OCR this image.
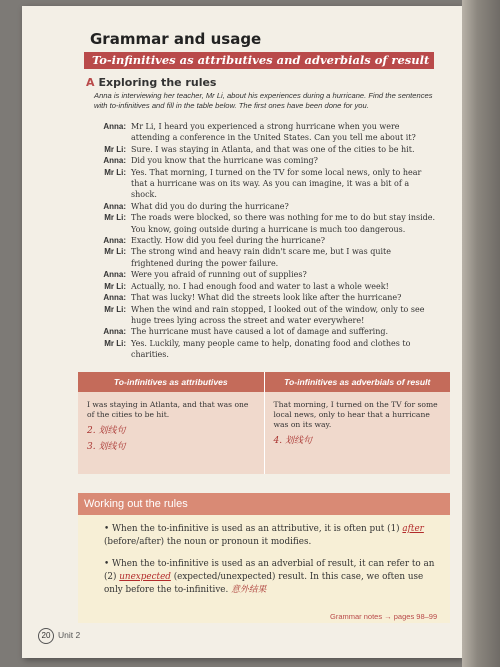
Grammar and usage
To-infinitives as attributives and adverbials of result
A Exploring the rules
Anna is interviewing her teacher, Mr Li, about his experiences during a hurricane. Find the sentences with to-infinitives and fill in the table below. The first ones have been done for you.
Anna: Mr Li, I heard you experienced a strong hurricane when you were attending a conference in the United States. Can you tell me about it?
Mr Li: Sure. I was staying in Atlanta, and that was one of the cities to be hit.
Anna: Did you know that the hurricane was coming?
Mr Li: Yes. That morning, I turned on the TV for some local news, only to hear that a hurricane was on its way. As you can imagine, it was a bit of a shock.
Anna: What did you do during the hurricane?
Mr Li: The roads were blocked, so there was nothing for me to do but stay inside. You know, going outside during a hurricane is much too dangerous.
Anna: Exactly. How did you feel during the hurricane?
Mr Li: The strong wind and heavy rain didn't scare me, but I was quite frightened during the power failure.
Anna: Were you afraid of running out of supplies?
Mr Li: Actually, no. I had enough food and water to last a whole week!
Anna: That was lucky! What did the streets look like after the hurricane?
Mr Li: When the wind and rain stopped, I looked out of the window, only to see huge trees lying across the street and water everywhere!
Anna: The hurricane must have caused a lot of damage and suffering.
Mr Li: Yes. Luckily, many people came to help, donating food and clothes to charities.
To-infinitives as attributives
I was staying in Atlanta, and that was one of the cities to be hit.
2. 划线句
3. 划线句
To-infinitives as adverbials of result
That morning, I turned on the TV for some local news, only to hear that a hurricane was on its way.
4. 划线句
Working out the rules
• When the to-infinitive is used as an attributive, it is often put (1) after (before/after) the noun or pronoun it modifies.
• When the to-infinitive is used as an adverbial of result, it can refer to an (2) unexpected (expected/unexpected) result. In this case, we often use only before the to-infinitive. 意外结果
Grammar notes → pages 98–99
20 Unit 2
